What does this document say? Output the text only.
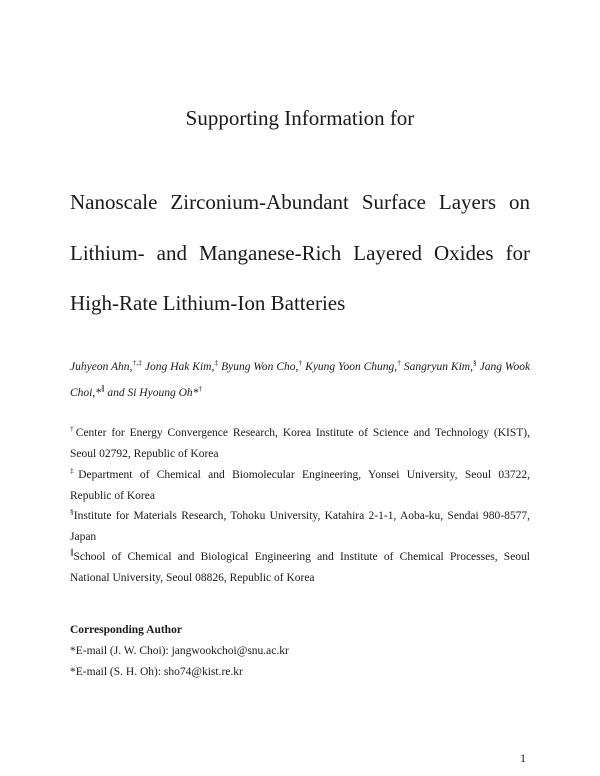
Supporting Information for
Nanoscale Zirconium-Abundant Surface Layers on
Lithium- and Manganese-Rich Layered Oxides for
High-Rate Lithium-Ion Batteries
Juhyeon Ahn,†,‡ Jong Hak Kim,‡ Byung Won Cho,† Kyung Yoon Chung,† Sangryun Kim,§ Jang Wook Choi,*∥ and Si Hyoung Oh*†
†Center for Energy Convergence Research, Korea Institute of Science and Technology (KIST),
Seoul 02792, Republic of Korea
‡Department of Chemical and Biomolecular Engineering, Yonsei University, Seoul 03722,
Republic of Korea
§Institute for Materials Research, Tohoku University, Katahira 2-1-1, Aoba-ku, Sendai 980-8577,
Japan
∥School of Chemical and Biological Engineering and Institute of Chemical Processes, Seoul
National University, Seoul 08826, Republic of Korea
Corresponding Author
*E-mail (J. W. Choi): jangwookchoi@snu.ac.kr
*E-mail (S. H. Oh): sho74@kist.re.kr
1
